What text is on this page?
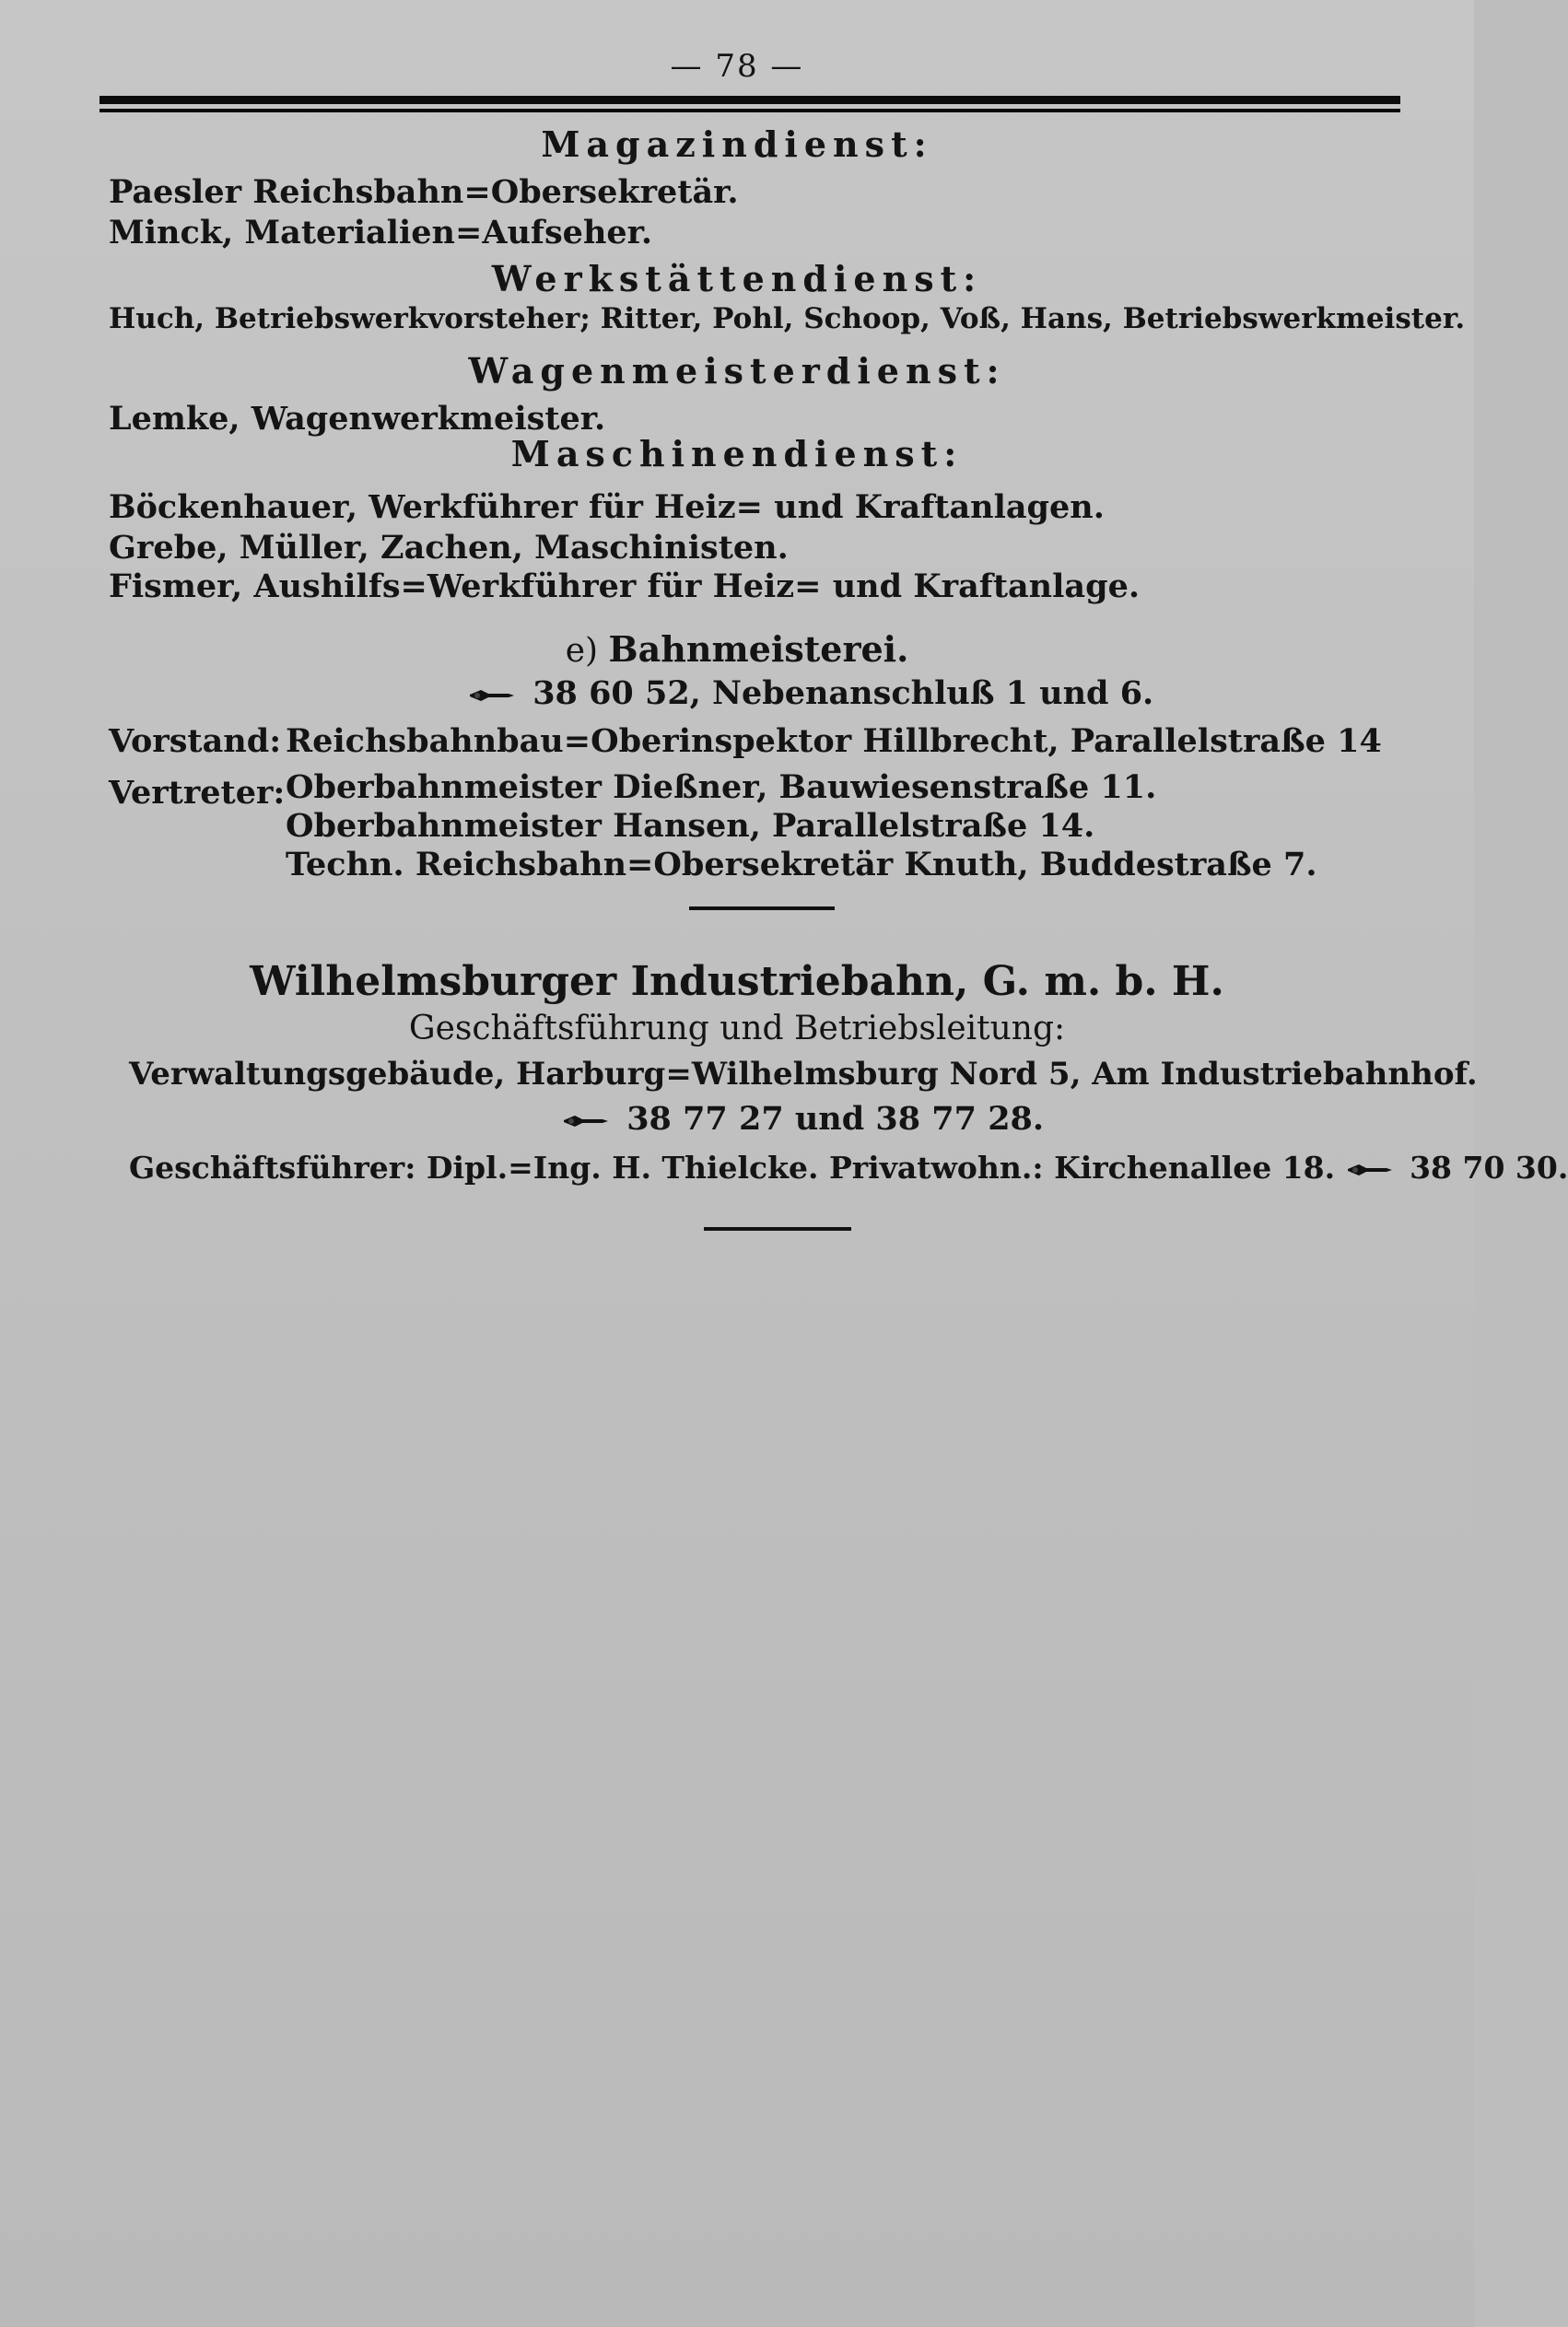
— 78 —
Magazindienst:
Paesler Reichsbahn=Obersekretär.
Minck, Materialien=Aufseher.
Werkstättendienst:
Huch, Betriebswerkvorsteher; Ritter, Pohl, Schoop, Voß, Hans, Betriebswerkmeister.
Wagenmeisterdienst:
Lemke, Wagenwerkmeister.
Maschinendienst:
Böckenhauer, Werkführer für Heiz= und Kraftanlagen.
Grebe, Müller, Zachen, Maschinisten.
Fismer, Aushilfs=Werkführer für Heiz= und Kraftanlage.
e) Bahnmeisterei.
38 60 52, Nebenanschluß 1 und 6.
Vorstand: Reichsbahnbau=Oberinspektor Hillbrecht, Parallelstraße 14
Vertreter: Oberbahnmeister Dießner, Bauwiesenstraße 11.
Oberbahnmeister Hansen, Parallelstraße 14.
Techn. Reichsbahn=Obersekretär Knuth, Buddestraße 7.
Wilhelmsburger Industriebahn, G. m. b. H.
Geschäftsführung und Betriebsleitung:
Verwaltungsgebäude, Harburg=Wilhelmsburg Nord 5, Am Industriebahnhof.
38 77 27 und 38 77 28.
Geschäftsführer: Dipl.=Ing. H. Thielcke. Privatwohn.: Kirchenallee 18. 38 70 30.
